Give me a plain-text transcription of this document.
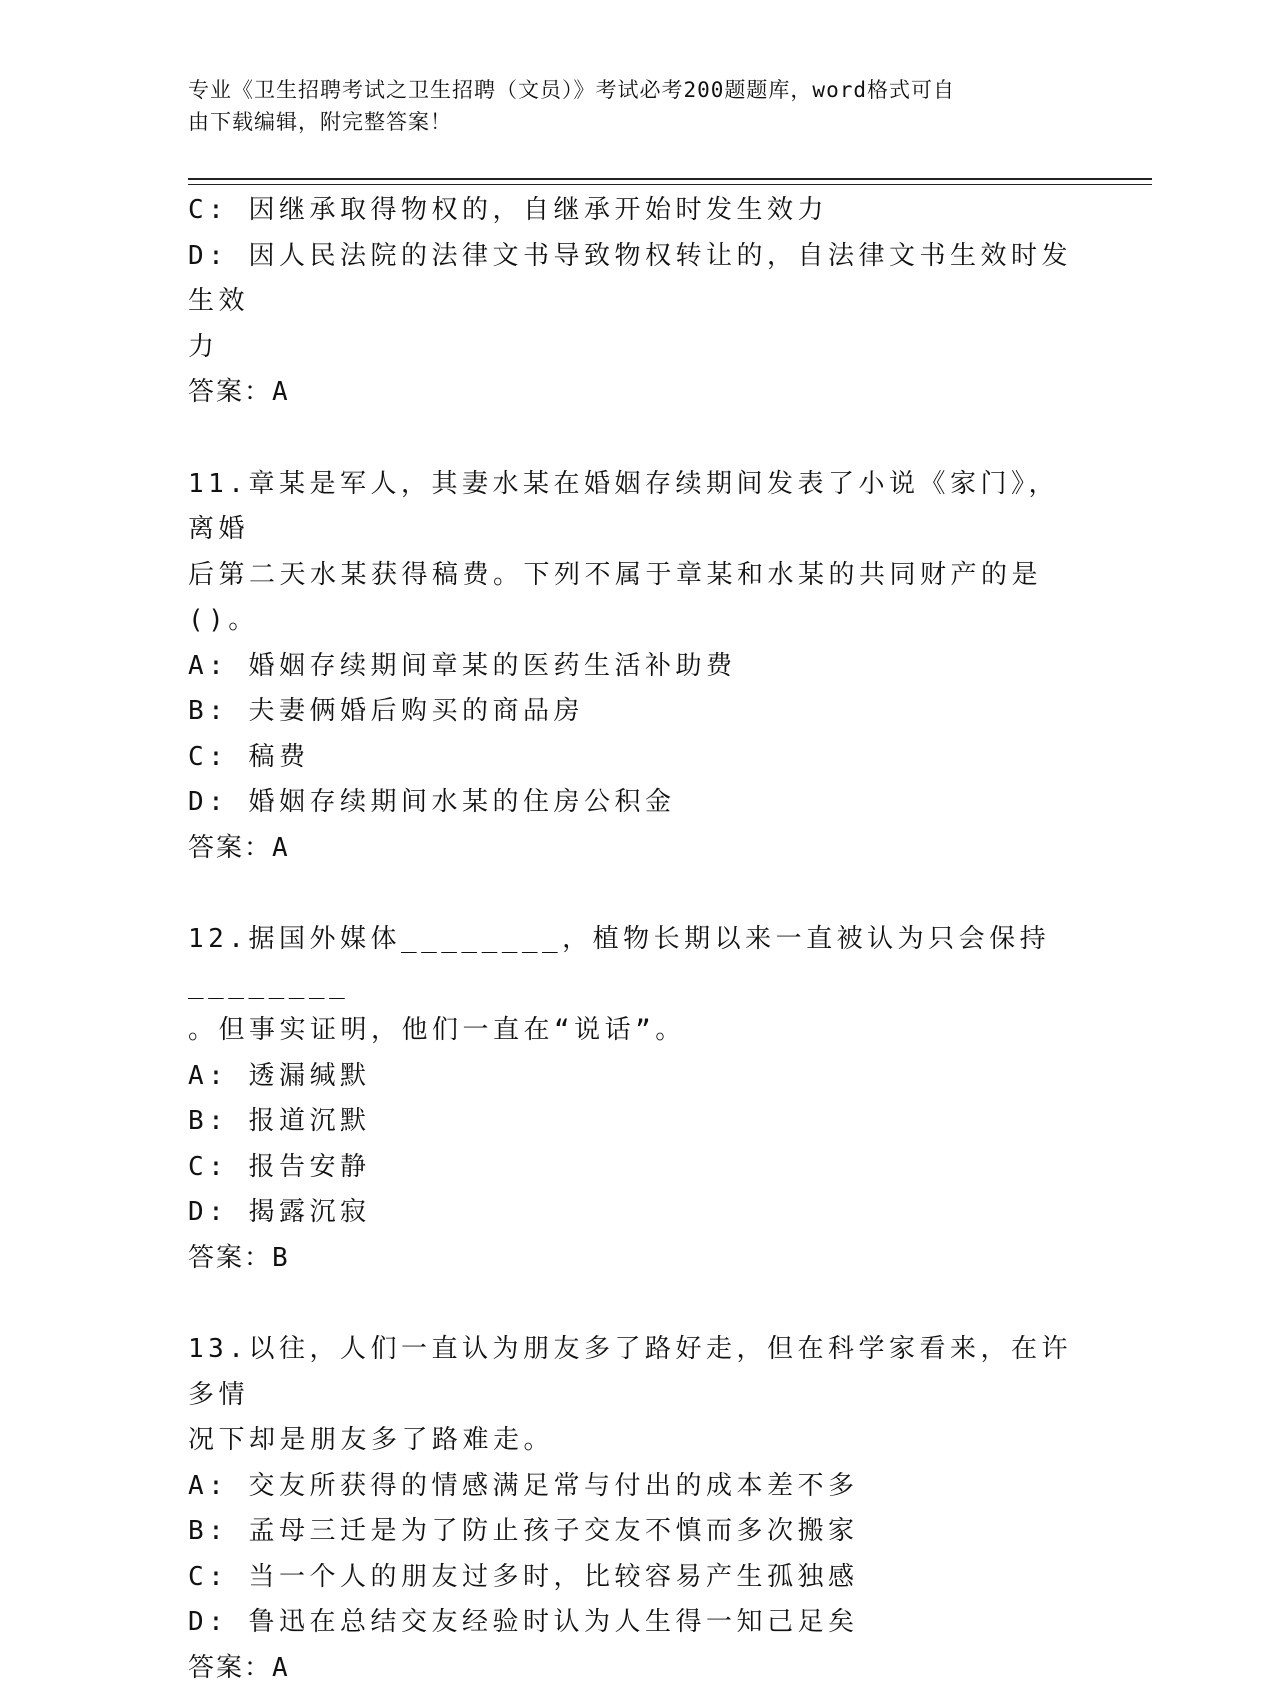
专业《卫生招聘考试之卫生招聘（文员）》考试必考200题题库，word格式可自
由下载编辑，附完整答案！

C: 因继承取得物权的，自继承开始时发生效力

D: 因人民法院的法律文书导致物权转让的，自法律文书生效时发生效

力

答案：A

11.章某是军人，其妻水某在婚姻存续期间发表了小说《家门》，离婚

后第二天水某获得稿费。下列不属于章某和水某的共同财产的是()。

A: 婚姻存续期间章某的医药生活补助费

B: 夫妻俩婚后购买的商品房

C: 稿费

D: 婚姻存续期间水某的住房公积金

答案：A

12.据国外媒体________，植物长期以来一直被认为只会保持________

。但事实证明，他们一直在“说话”。

A: 透漏缄默

B: 报道沉默

C: 报告安静

D: 揭露沉寂

答案：B

13.以往，人们一直认为朋友多了路好走，但在科学家看来，在许多情

况下却是朋友多了路难走。

A: 交友所获得的情感满足常与付出的成本差不多

B: 孟母三迁是为了防止孩子交友不慎而多次搬家

C: 当一个人的朋友过多时，比较容易产生孤独感

D: 鲁迅在总结交友经验时认为人生得一知己足矣

答案：A
